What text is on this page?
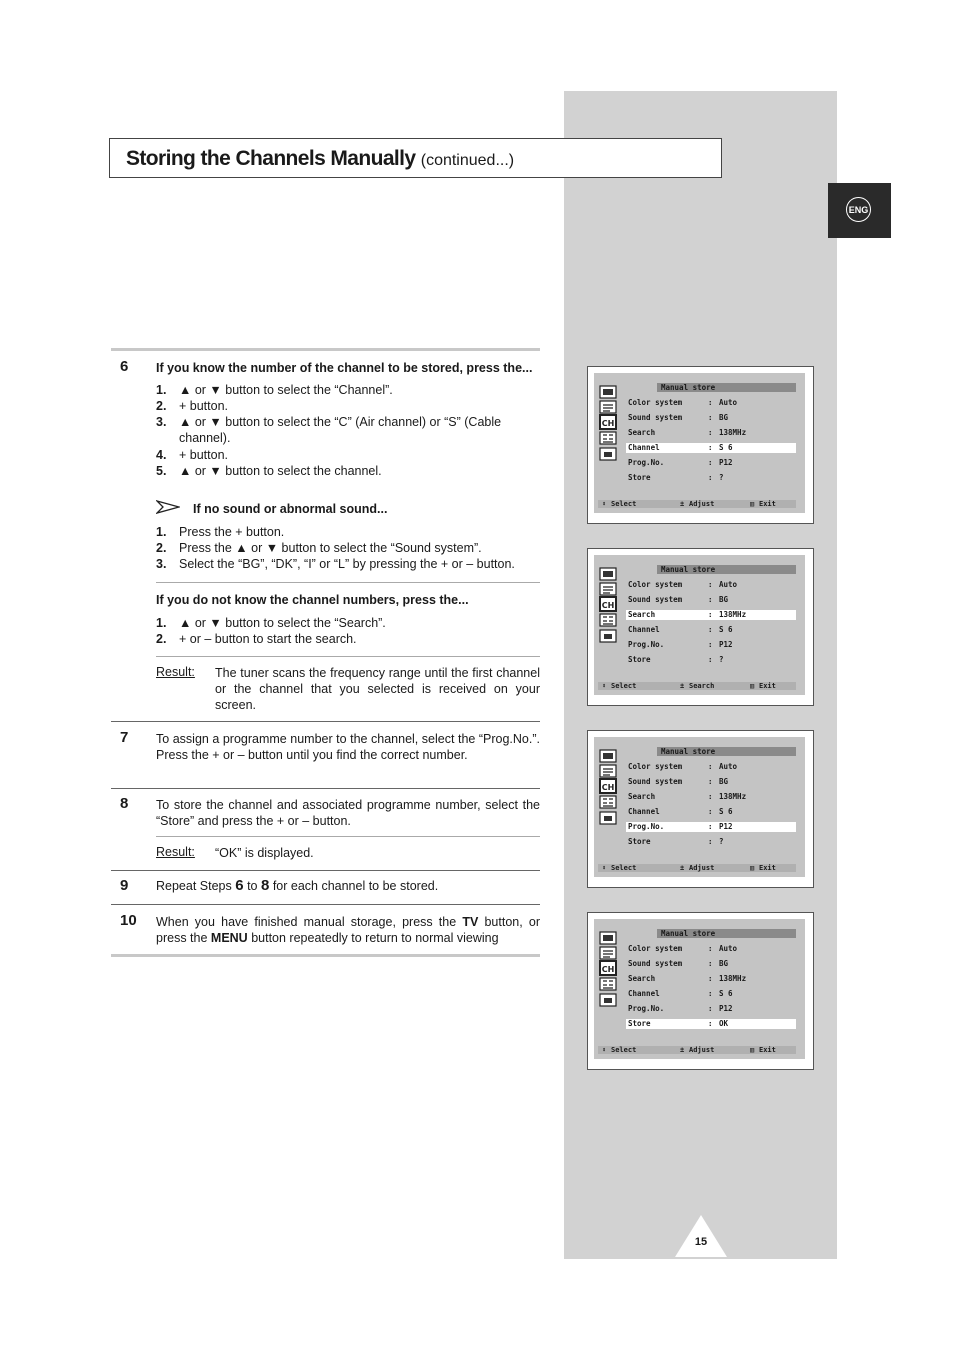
ENG
Storing the Channels Manually (continued...)
6 If you know the number of the channel to be stored, press the...
1.	▲ or ▼ button to select the “Channel”.
2.	+ button.
3.	▲ or ▼ button to select the “C” (Air channel) or “S” (Cable channel).
4.	+ button.
5.	▲ or ▼ button to select the channel.
If no sound or abnormal sound...
1.	Press the + button.
2.	Press the ▲ or ▼ button to select the “Sound system”.
3.	Select the “BG”, “DK”, “I” or “L” by pressing the + or – button.
If you do not know the channel numbers, press the...
1.	▲ or ▼ button to select the “Search”.
2.	+ or – button to start the search.
Result: The tuner scans the frequency range until the first channel or the channel that you selected is received on your screen.
7 To assign a programme number to the channel, select the “Prog.No.”. Press the + or – button until you find the correct number.
8 To store the channel and associated programme number, select the “Store” and press the + or – button.
Result: “OK” is displayed.
9 Repeat Steps 6 to 8 for each channel to be stored.
10 When you have finished manual storage, press the TV button, or press the MENU button repeatedly to return to normal viewing
CH
Manual store
Color system	: Auto
Sound system	: BG
Search	: 138MHz
Channel	: S 6
Prog.No.	: P12
Store	: ?
⬍ Select	± Adjust	▥ Exit
CH
Manual store
Color system	: Auto
Sound system	: BG
Search	: 138MHz
Channel	: S 6
Prog.No.	: P12
Store	: ?
⬍ Select	± Search	▥ Exit
CH
Manual store
Color system	: Auto
Sound system	: BG
Search	: 138MHz
Channel	: S 6
Prog.No.	: P12
Store	: ?
⬍ Select	± Adjust	▥ Exit
CH
Manual store
Color system	: Auto
Sound system	: BG
Search	: 138MHz
Channel	: S 6
Prog.No.	: P12
Store	: OK
⬍ Select	± Adjust	▥ Exit
15
